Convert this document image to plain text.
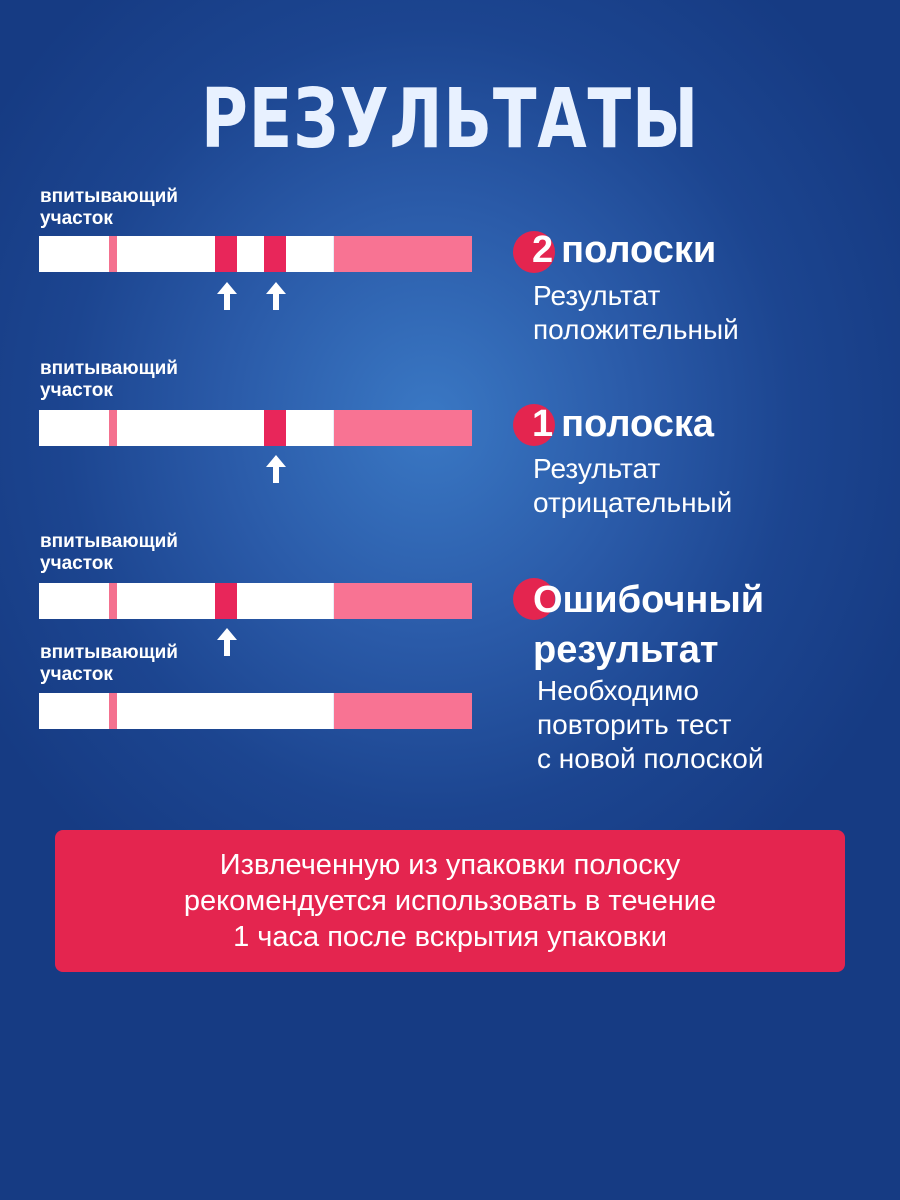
РЕЗУЛЬТАТЫ
впитывающий
участок
2 полоски
Результат
положительный
впитывающий
участок
1 полоска
Результат
отрицательный
впитывающий
участок
впитывающий
участок
Ошибочный
результат
Необходимо
повторить тест
с новой полоской
Извлеченную из упаковки полоску
рекомендуется использовать в течение
1 часа после вскрытия упаковки
